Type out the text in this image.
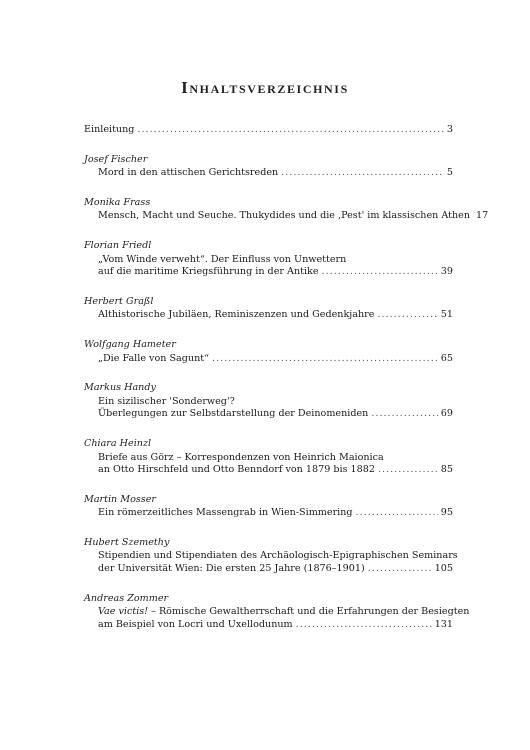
Inhaltsverzeichnis
Einleitung .....	3
Josef Fischer
Mord in den attischen Gerichtsreden .....	5
Monika Frass
Mensch, Macht und Seuche. Thukydides und die ‚Pest' im klassischen Athen 17
Florian Friedl
„Vom Winde verweht“. Der Einfluss von Unwettern
auf die maritime Kriegsführung in der Antike .....	39
Herbert Graßl
Althistorische Jubiläen, Reminiszenzen und Gedenkjahre .....	51
Wolfgang Hameter
„Die Falle von Sagunt“ .....	65
Markus Handy
Ein sizilischer 'Sonderweg'?
Überlegungen zur Selbstdarstellung der Deinomeniden .....	69
Chiara Heinzl
Briefe aus Görz – Korrespondenzen von Heinrich Maionica
an Otto Hirschfeld und Otto Benndorf von 1879 bis 1882 .....	85
Martin Mosser
Ein römerzeitliches Massengrab in Wien-Simmering .....	95
Hubert Szemethy
Stipendien und Stipendiaten des Archäologisch-Epigraphischen Seminars
der Universität Wien: Die ersten 25 Jahre (1876–1901) .....	105
Andreas Zommer
Vae victis! – Römische Gewaltherrschaft und die Erfahrungen der Besiegten
am Beispiel von Locri und Uxellodunum .....	131
